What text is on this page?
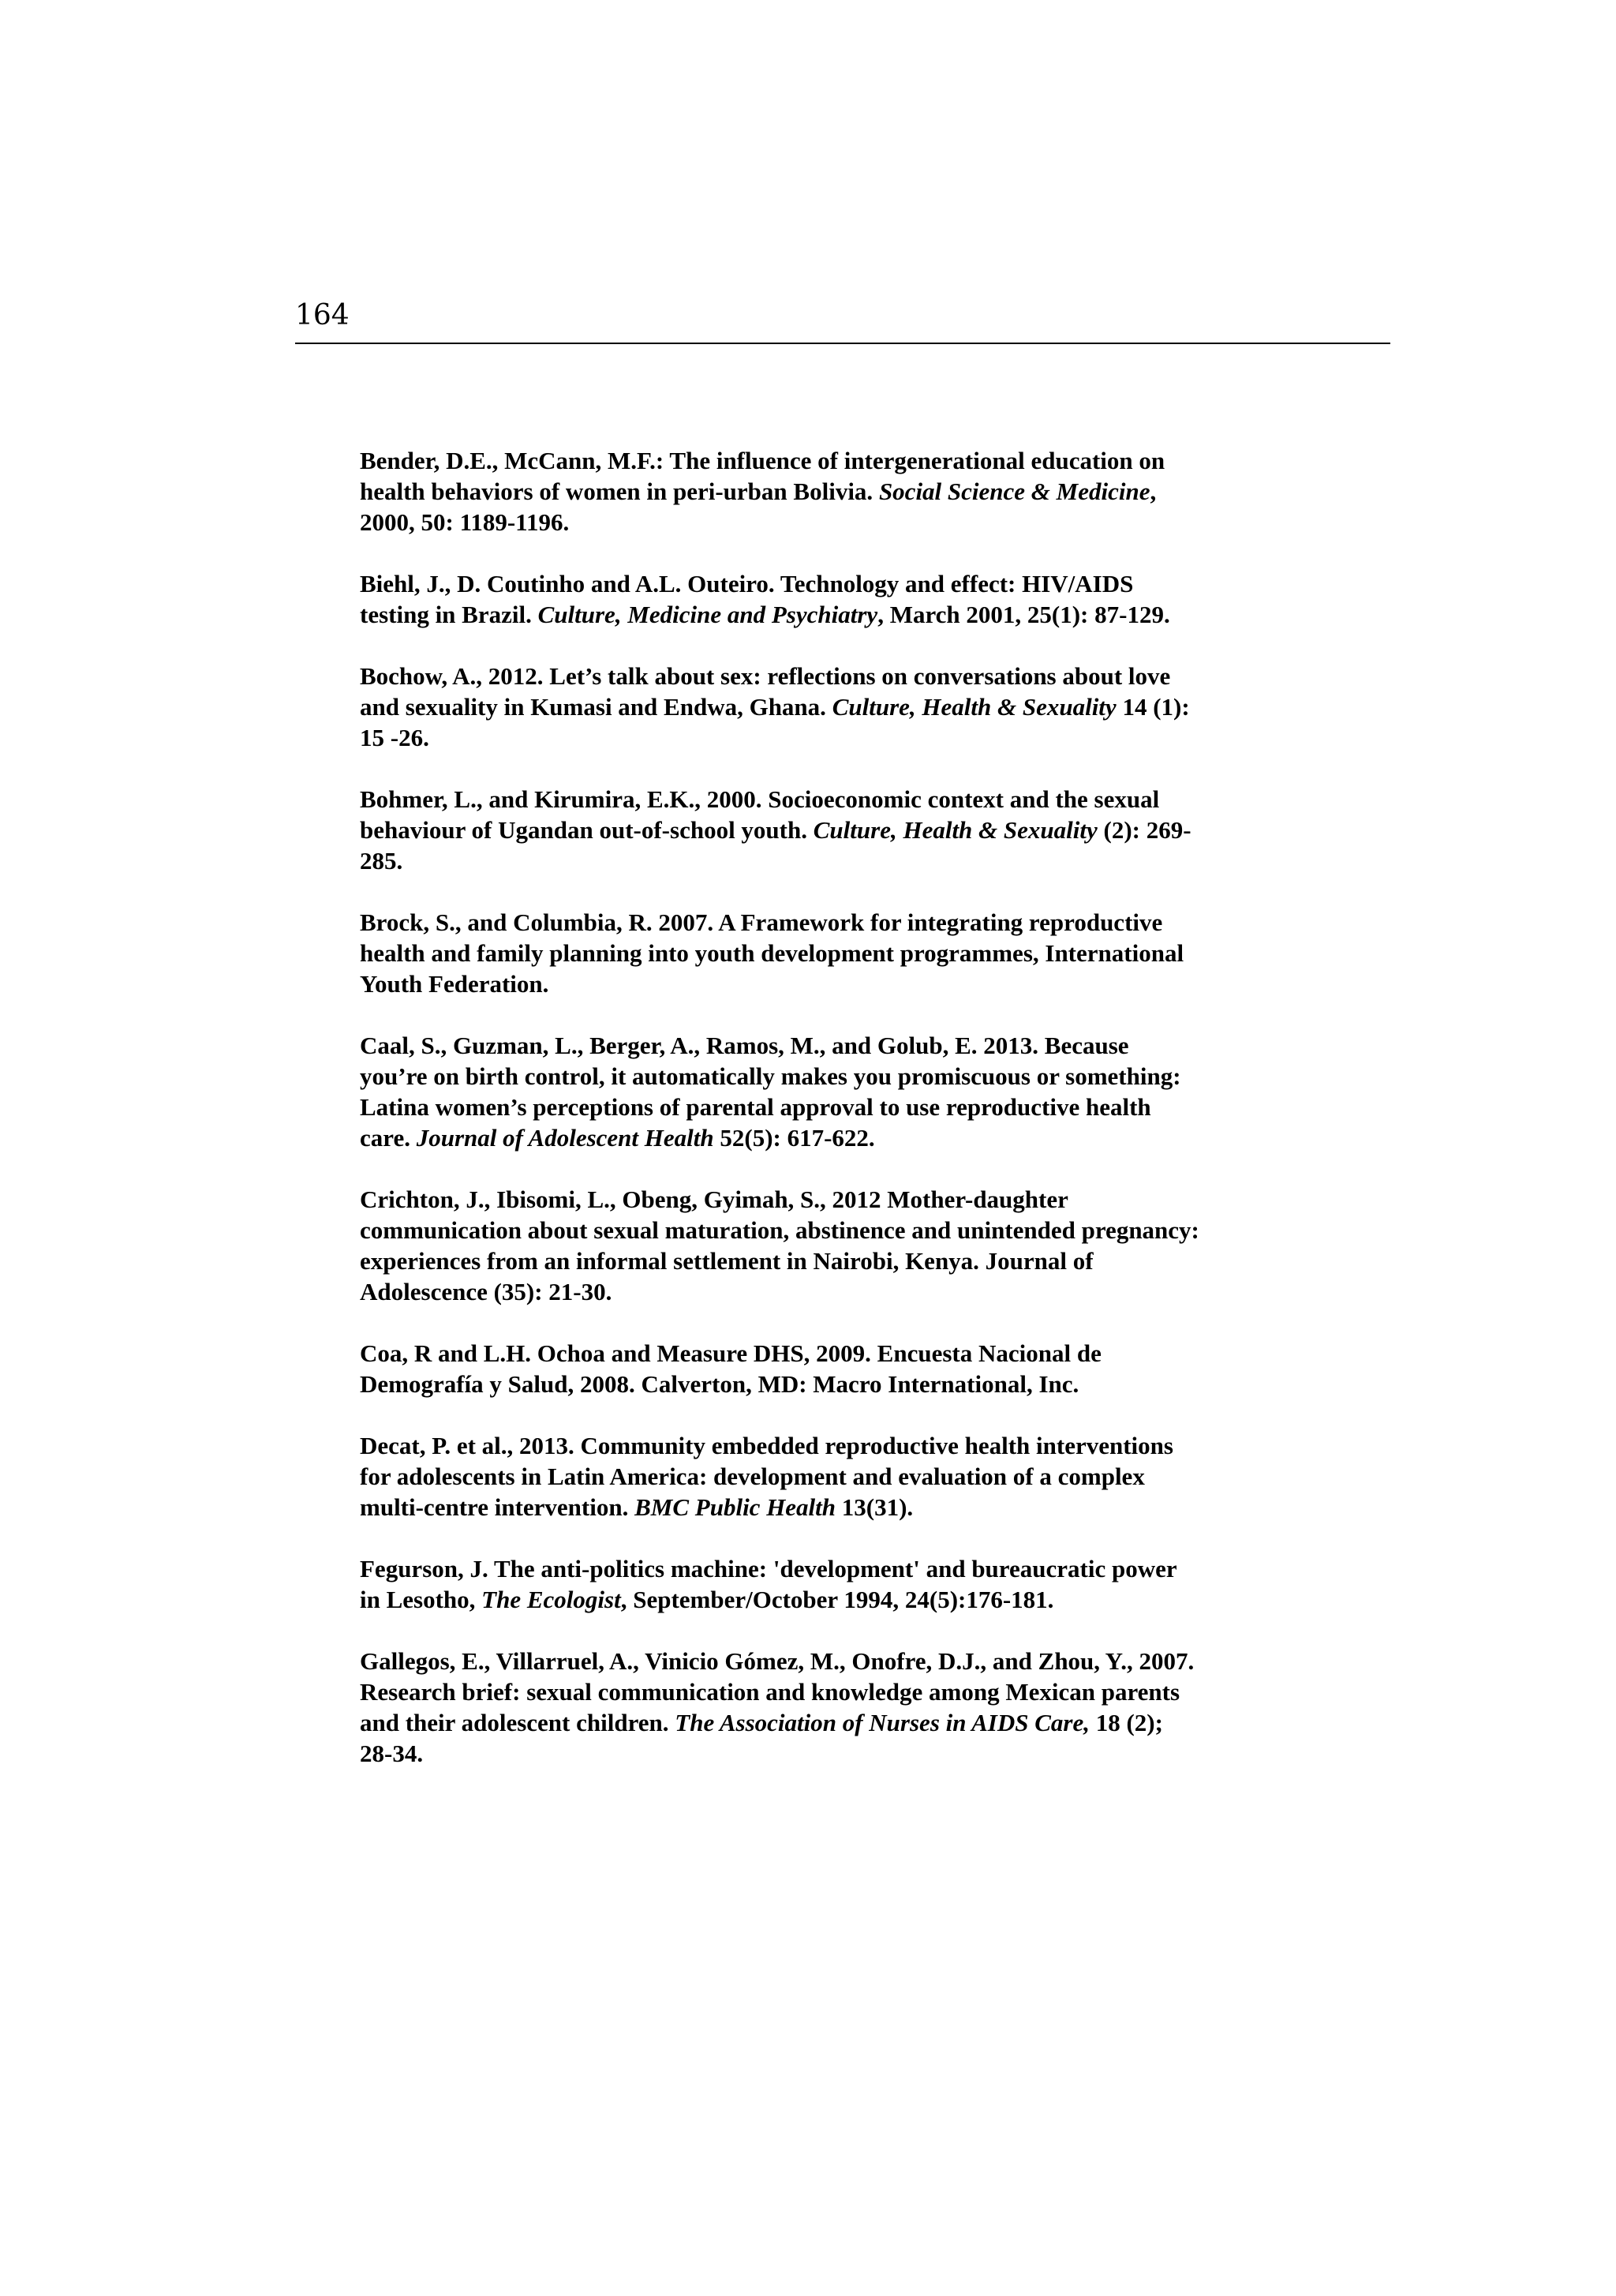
164

Bender, D.E., McCann, M.F.: The influence of intergenerational education on
health behaviors of women in peri-urban Bolivia. Social Science & Medicine,
2000, 50: 1189-1196.

Biehl, J., D. Coutinho and A.L. Outeiro. Technology and effect: HIV/AIDS
testing in Brazil. Culture, Medicine and Psychiatry, March 2001, 25(1): 87-129.

Bochow, A., 2012. Let’s talk about sex: reflections on conversations about love
and sexuality in Kumasi and Endwa, Ghana. Culture, Health & Sexuality 14 (1):
15 -26.

Bohmer, L., and Kirumira, E.K., 2000. Socioeconomic context and the sexual
behaviour of Ugandan out-of-school youth. Culture, Health & Sexuality (2): 269-
285.

Brock, S., and Columbia, R. 2007. A Framework for integrating reproductive
health and family planning into youth development programmes, International
Youth Federation.

Caal, S., Guzman, L., Berger, A., Ramos, M., and Golub, E. 2013. Because
you’re on birth control, it automatically makes you promiscuous or something:
Latina women’s perceptions of parental approval to use reproductive health
care. Journal of Adolescent Health 52(5): 617-622.

Crichton, J., Ibisomi, L., Obeng, Gyimah, S., 2012 Mother-daughter
communication about sexual maturation, abstinence and unintended pregnancy:
experiences from an informal settlement in Nairobi, Kenya. Journal of
Adolescence (35): 21-30.

Coa, R and L.H. Ochoa and Measure DHS, 2009. Encuesta Nacional de
Demografía y Salud, 2008. Calverton, MD: Macro International, Inc.

Decat, P. et al., 2013. Community embedded reproductive health interventions
for adolescents in Latin America: development and evaluation of a complex
multi-centre intervention. BMC Public Health 13(31).

Fegurson, J. The anti-politics machine: 'development' and bureaucratic power
in Lesotho, The Ecologist, September/October 1994, 24(5):176-181.

Gallegos, E., Villarruel, A., Vinicio Gómez, M., Onofre, D.J., and Zhou, Y., 2007.
Research brief: sexual communication and knowledge among Mexican parents
and their adolescent children. The Association of Nurses in AIDS Care, 18 (2);
28-34.
